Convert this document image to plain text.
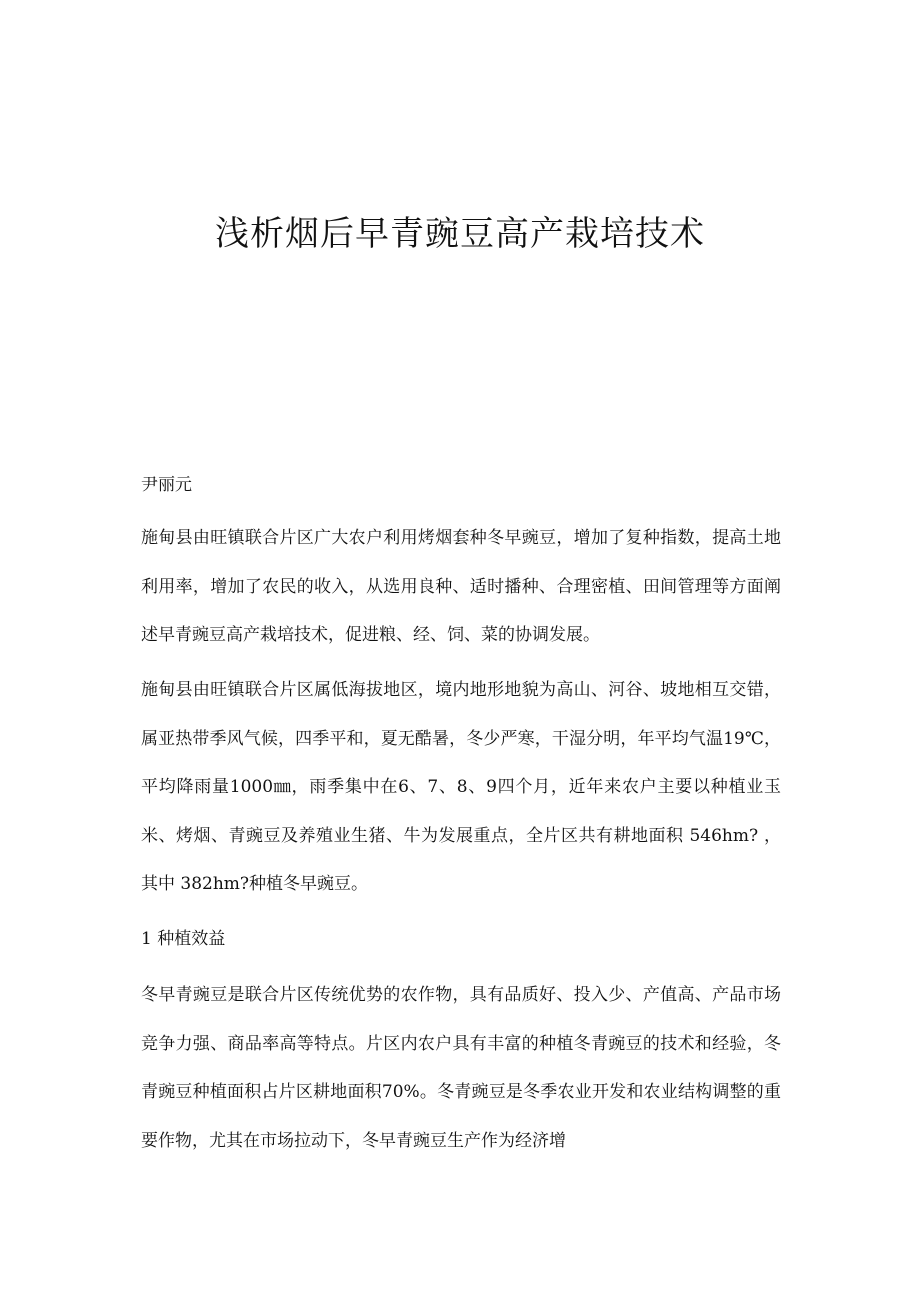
浅析烟后早青豌豆高产栽培技术

尹丽元

施甸县由旺镇联合片区广大农户利用烤烟套种冬早豌豆，增加了复种指数，提高土地利用率，增加了农民的收入，从选用良种、适时播种、合理密植、田间管理等方面阐述早青豌豆高产栽培技术，促进粮、经、饲、菜的协调发展。

施甸县由旺镇联合片区属低海拔地区，境内地形地貌为高山、河谷、坡地相互交错，属亚热带季风气候，四季平和，夏无酷暑，冬少严寒，干湿分明，年平均气温19℃，平均降雨量1000㎜，雨季集中在6、7、8、9四个月，近年来农户主要以种植业玉米、烤烟、青豌豆及养殖业生猪、牛为发展重点，全片区共有耕地面积 546hm? ，其中 382hm?种植冬早豌豆。

1 种植效益

冬早青豌豆是联合片区传统优势的农作物，具有品质好、投入少、产值高、产品市场竞争力强、商品率高等特点。片区内农户具有丰富的种植冬青豌豆的技术和经验，冬青豌豆种植面积占片区耕地面积70%。冬青豌豆是冬季农业开发和农业结构调整的重要作物，尤其在市场拉动下，冬早青豌豆生产作为经济增
